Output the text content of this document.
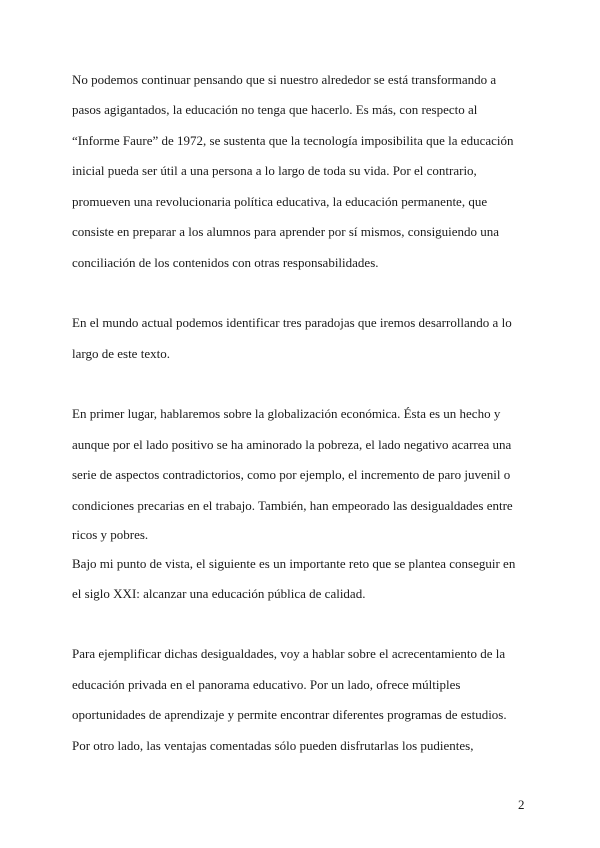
No podemos continuar pensando que si nuestro alrededor se está transformando a

pasos agigantados, la educación no tenga que hacerlo. Es más, con respecto al

“Informe Faure” de 1972, se sustenta que la tecnología imposibilita que la educación

inicial pueda ser útil a una persona a lo largo de toda su vida. Por el contrario,

promueven una revolucionaria política educativa, la educación permanente, que

consiste en preparar a los alumnos para aprender por sí mismos, consiguiendo una

conciliación de los contenidos con otras responsabilidades.

En el mundo actual podemos identificar tres paradojas que iremos desarrollando a lo

largo de este texto.

En primer lugar, hablaremos sobre la globalización económica. Ésta es un hecho y

aunque por el lado positivo se ha aminorado la pobreza, el lado negativo acarrea una

serie de aspectos contradictorios, como por ejemplo, el incremento de paro juvenil o

condiciones precarias en el trabajo. También, han empeorado las desigualdades entre

ricos y pobres.

Bajo mi punto de vista, el siguiente es un importante reto que se plantea conseguir en

el siglo XXI: alcanzar una educación pública de calidad.

Para ejemplificar dichas desigualdades, voy a hablar sobre el acrecentamiento de la

educación privada en el panorama educativo. Por un lado, ofrece múltiples

oportunidades de aprendizaje y permite encontrar diferentes programas de estudios.

Por otro lado, las ventajas comentadas sólo pueden disfrutarlas los pudientes,

2
